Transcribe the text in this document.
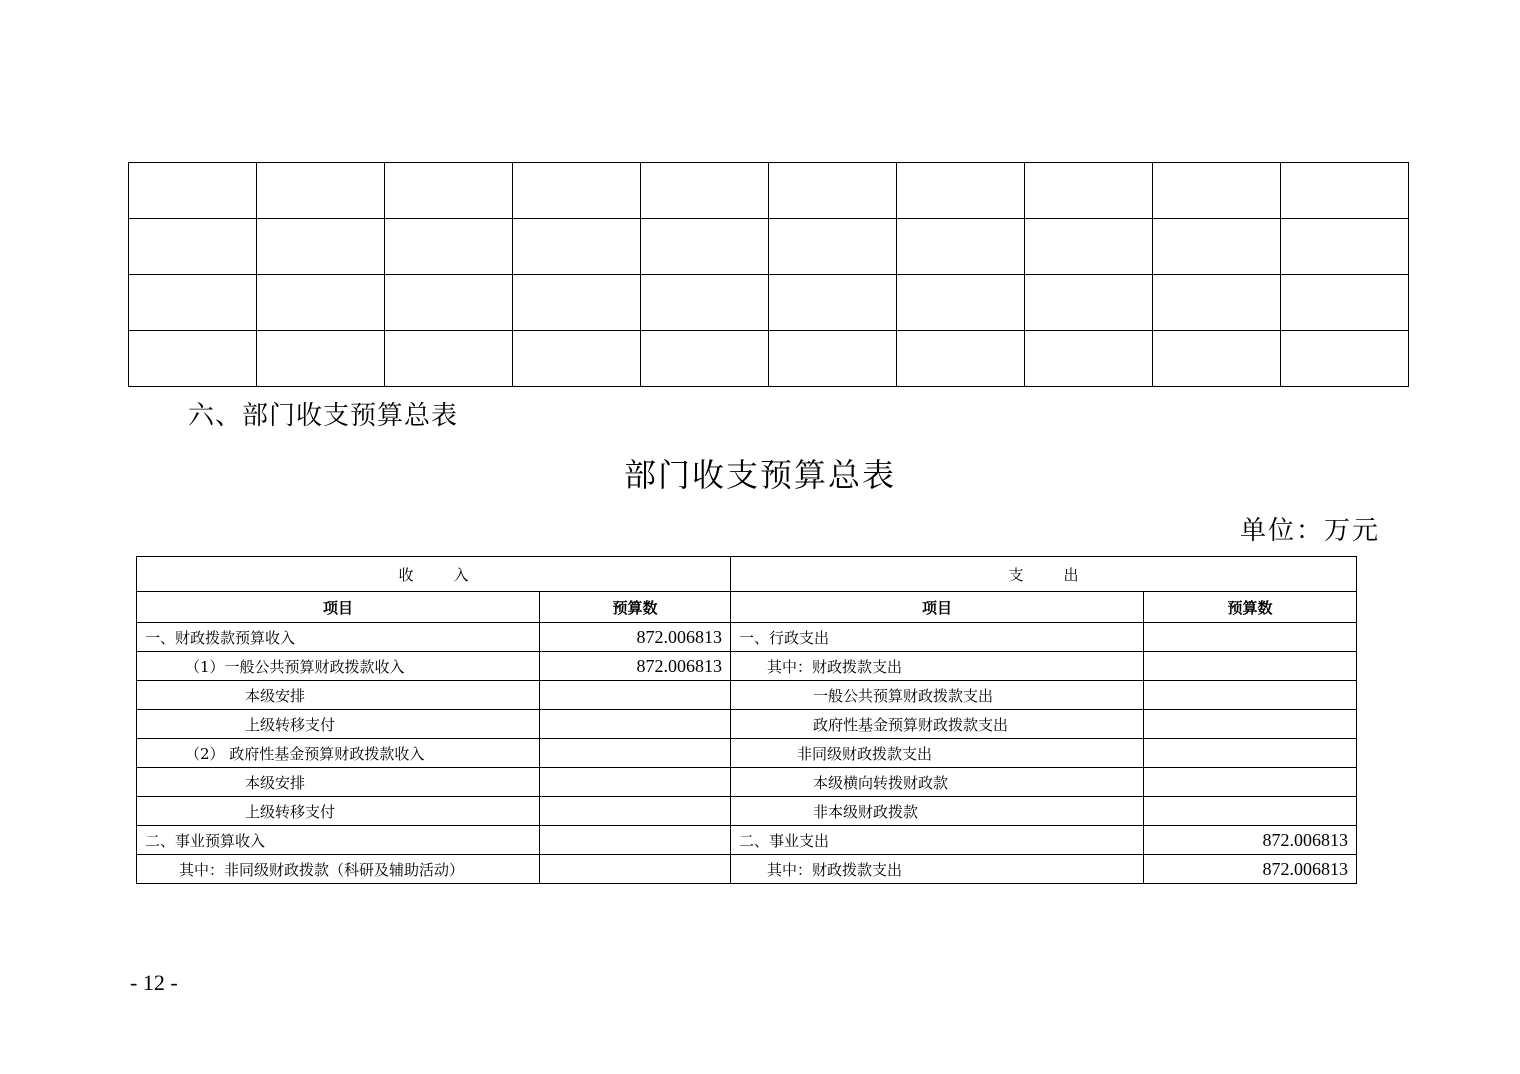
六、部门收支预算总表
部门收支预算总表
单位：万元
收入		支出	
项目	预算数	项目	预算数
一、财政拨款预算收入	872.006813	一、行政支出	
（1）一般公共预算财政拨款收入	872.006813	其中：财政拨款支出	
本级安排		一般公共预算财政拨款支出	
上级转移支付		政府性基金预算财政拨款支出	
（2） 政府性基金预算财政拨款收入		非同级财政拨款支出	
本级安排		本级横向转拨财政款	
上级转移支付		非本级财政拨款	
二、事业预算收入		二、事业支出	872.006813
其中：非同级财政拨款（科研及辅助活动）		其中：财政拨款支出	872.006813
- 12 -
